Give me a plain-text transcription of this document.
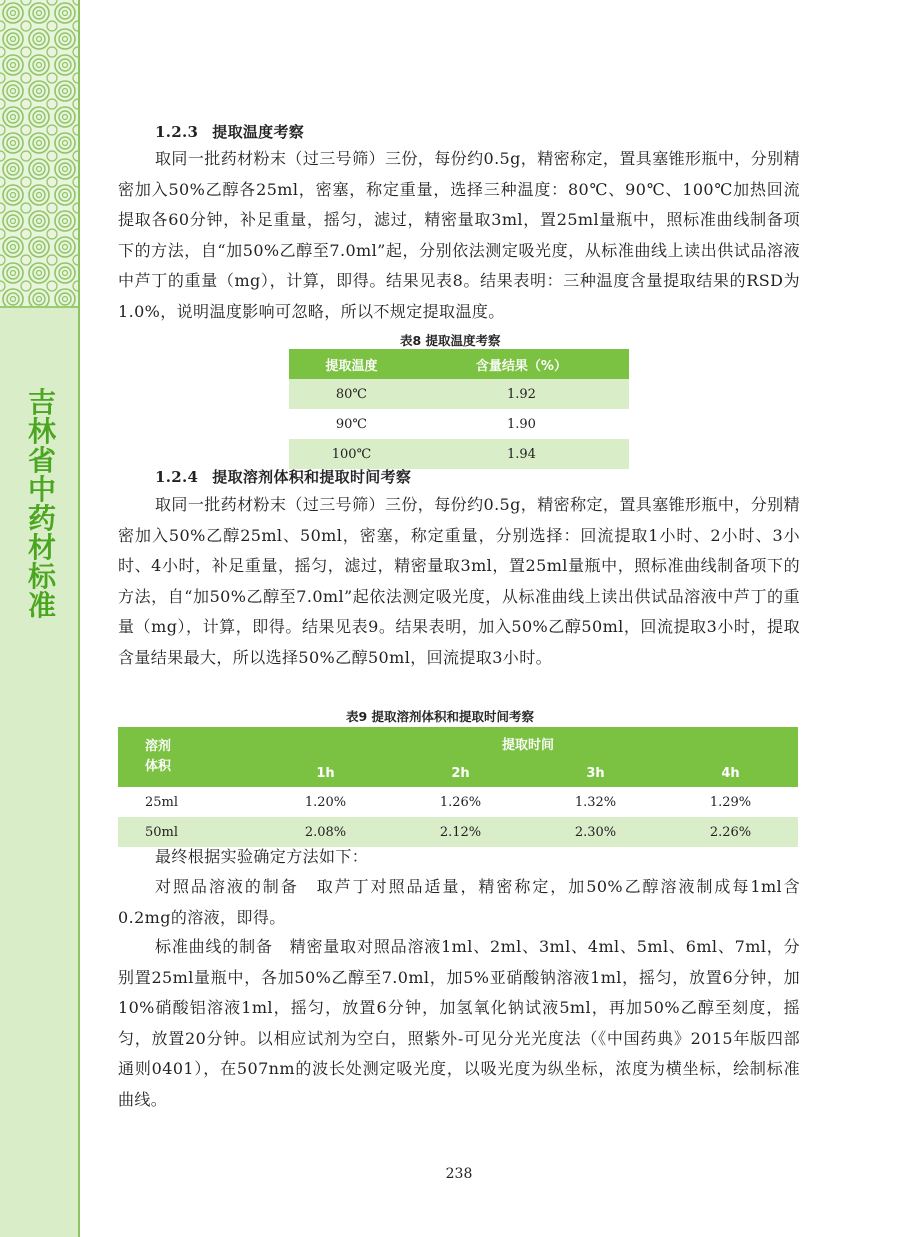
吉
林
省
中
药
材
标
准
1.2.3 提取温度考察
取同一批药材粉末（过三号筛）三份，每份约0.5g，精密称定，置具塞锥形瓶中，分别精密加入50%乙醇各25ml，密塞，称定重量，选择三种温度：80℃、90℃、100℃加热回流提取各60分钟，补足重量，摇匀，滤过，精密量取3ml，置25ml量瓶中，照标准曲线制备项下的方法，自“加50%乙醇至7.0ml”起，分别依法测定吸光度，从标准曲线上读出供试品溶液中芦丁的重量（mg），计算，即得。结果见表8。结果表明：三种温度含量提取结果的RSD为1.0%，说明温度影响可忽略，所以不规定提取温度。
表8 提取温度考察
提取温度	含量结果（%）
80℃	1.92
90℃	1.90
100℃	1.94
1.2.4 提取溶剂体积和提取时间考察
取同一批药材粉末（过三号筛）三份，每份约0.5g，精密称定，置具塞锥形瓶中，分别精密加入50%乙醇25ml、50ml，密塞，称定重量，分别选择：回流提取1小时、2小时、3小时、4小时，补足重量，摇匀，滤过，精密量取3ml，置25ml量瓶中，照标准曲线制备项下的方法，自“加50%乙醇至7.0ml”起依法测定吸光度，从标准曲线上读出供试品溶液中芦丁的重量（mg），计算，即得。结果见表9。结果表明，加入50%乙醇50ml，回流提取3小时，提取含量结果最大，所以选择50%乙醇50ml，回流提取3小时。
表9 提取溶剂体积和提取时间考察
溶剂
体积	提取时间			
	1h	2h	3h	4h
25ml	1.20%	1.26%	1.32%	1.29%
50ml	2.08%	2.12%	2.30%	2.26%
最终根据实验确定方法如下：
对照品溶液的制备　取芦丁对照品适量，精密称定，加50%乙醇溶液制成每1ml含0.2mg的溶液，即得。
标准曲线的制备　精密量取对照品溶液1ml、2ml、3ml、4ml、5ml、6ml、7ml，分别置25ml量瓶中，各加50%乙醇至7.0ml，加5%亚硝酸钠溶液1ml，摇匀，放置6分钟，加10%硝酸铝溶液1ml，摇匀，放置6分钟，加氢氧化钠试液5ml，再加50%乙醇至刻度，摇匀，放置20分钟。以相应试剂为空白，照紫外-可见分光光度法（《中国药典》2015年版四部通则0401），在507nm的波长处测定吸光度，以吸光度为纵坐标，浓度为横坐标，绘制标准曲线。
238
